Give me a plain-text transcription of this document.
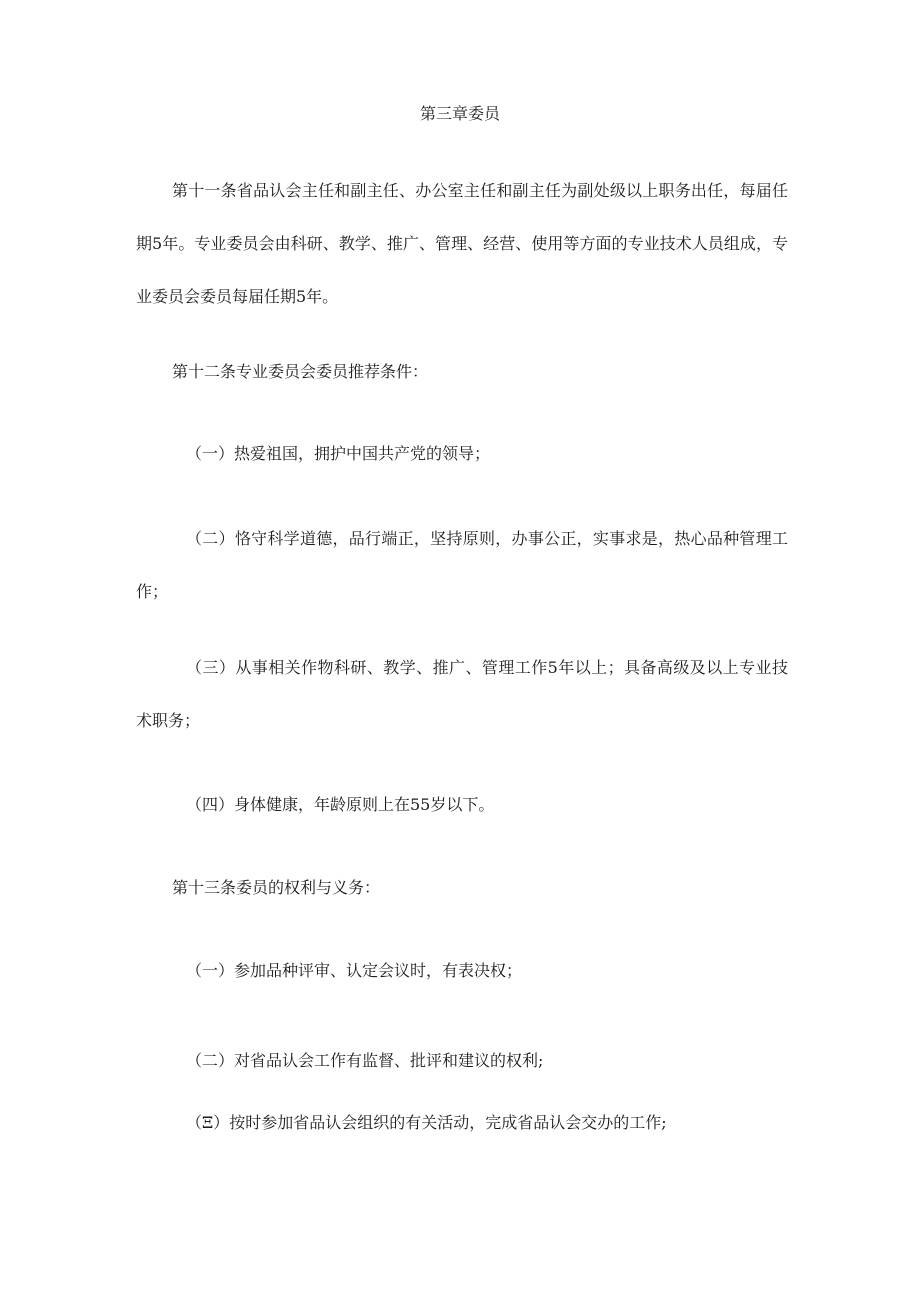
第三章委员

第十一条省品认会主任和副主任、办公室主任和副主任为副处级以上职务出任，每届任期5年。专业委员会由科研、教学、推广、管理、经营、使用等方面的专业技术人员组成，专业委员会委员每届任期5年。

第十二条专业委员会委员推荐条件：

（一）热爱祖国，拥护中国共产党的领导；

（二）恪守科学道德，品行端正，坚持原则，办事公正，实事求是，热心品种管理工作；

（三）从事相关作物科研、教学、推广、管理工作5年以上；具备高级及以上专业技术职务；

（四）身体健康，年龄原则上在55岁以下。

第十三条委员的权利与义务：

（一）参加品种评审、认定会议时，有表决权；

（二）对省品认会工作有监督、批评和建议的权利;

（Ξ）按时参加省品认会组织的有关活动，完成省品认会交办的工作;
